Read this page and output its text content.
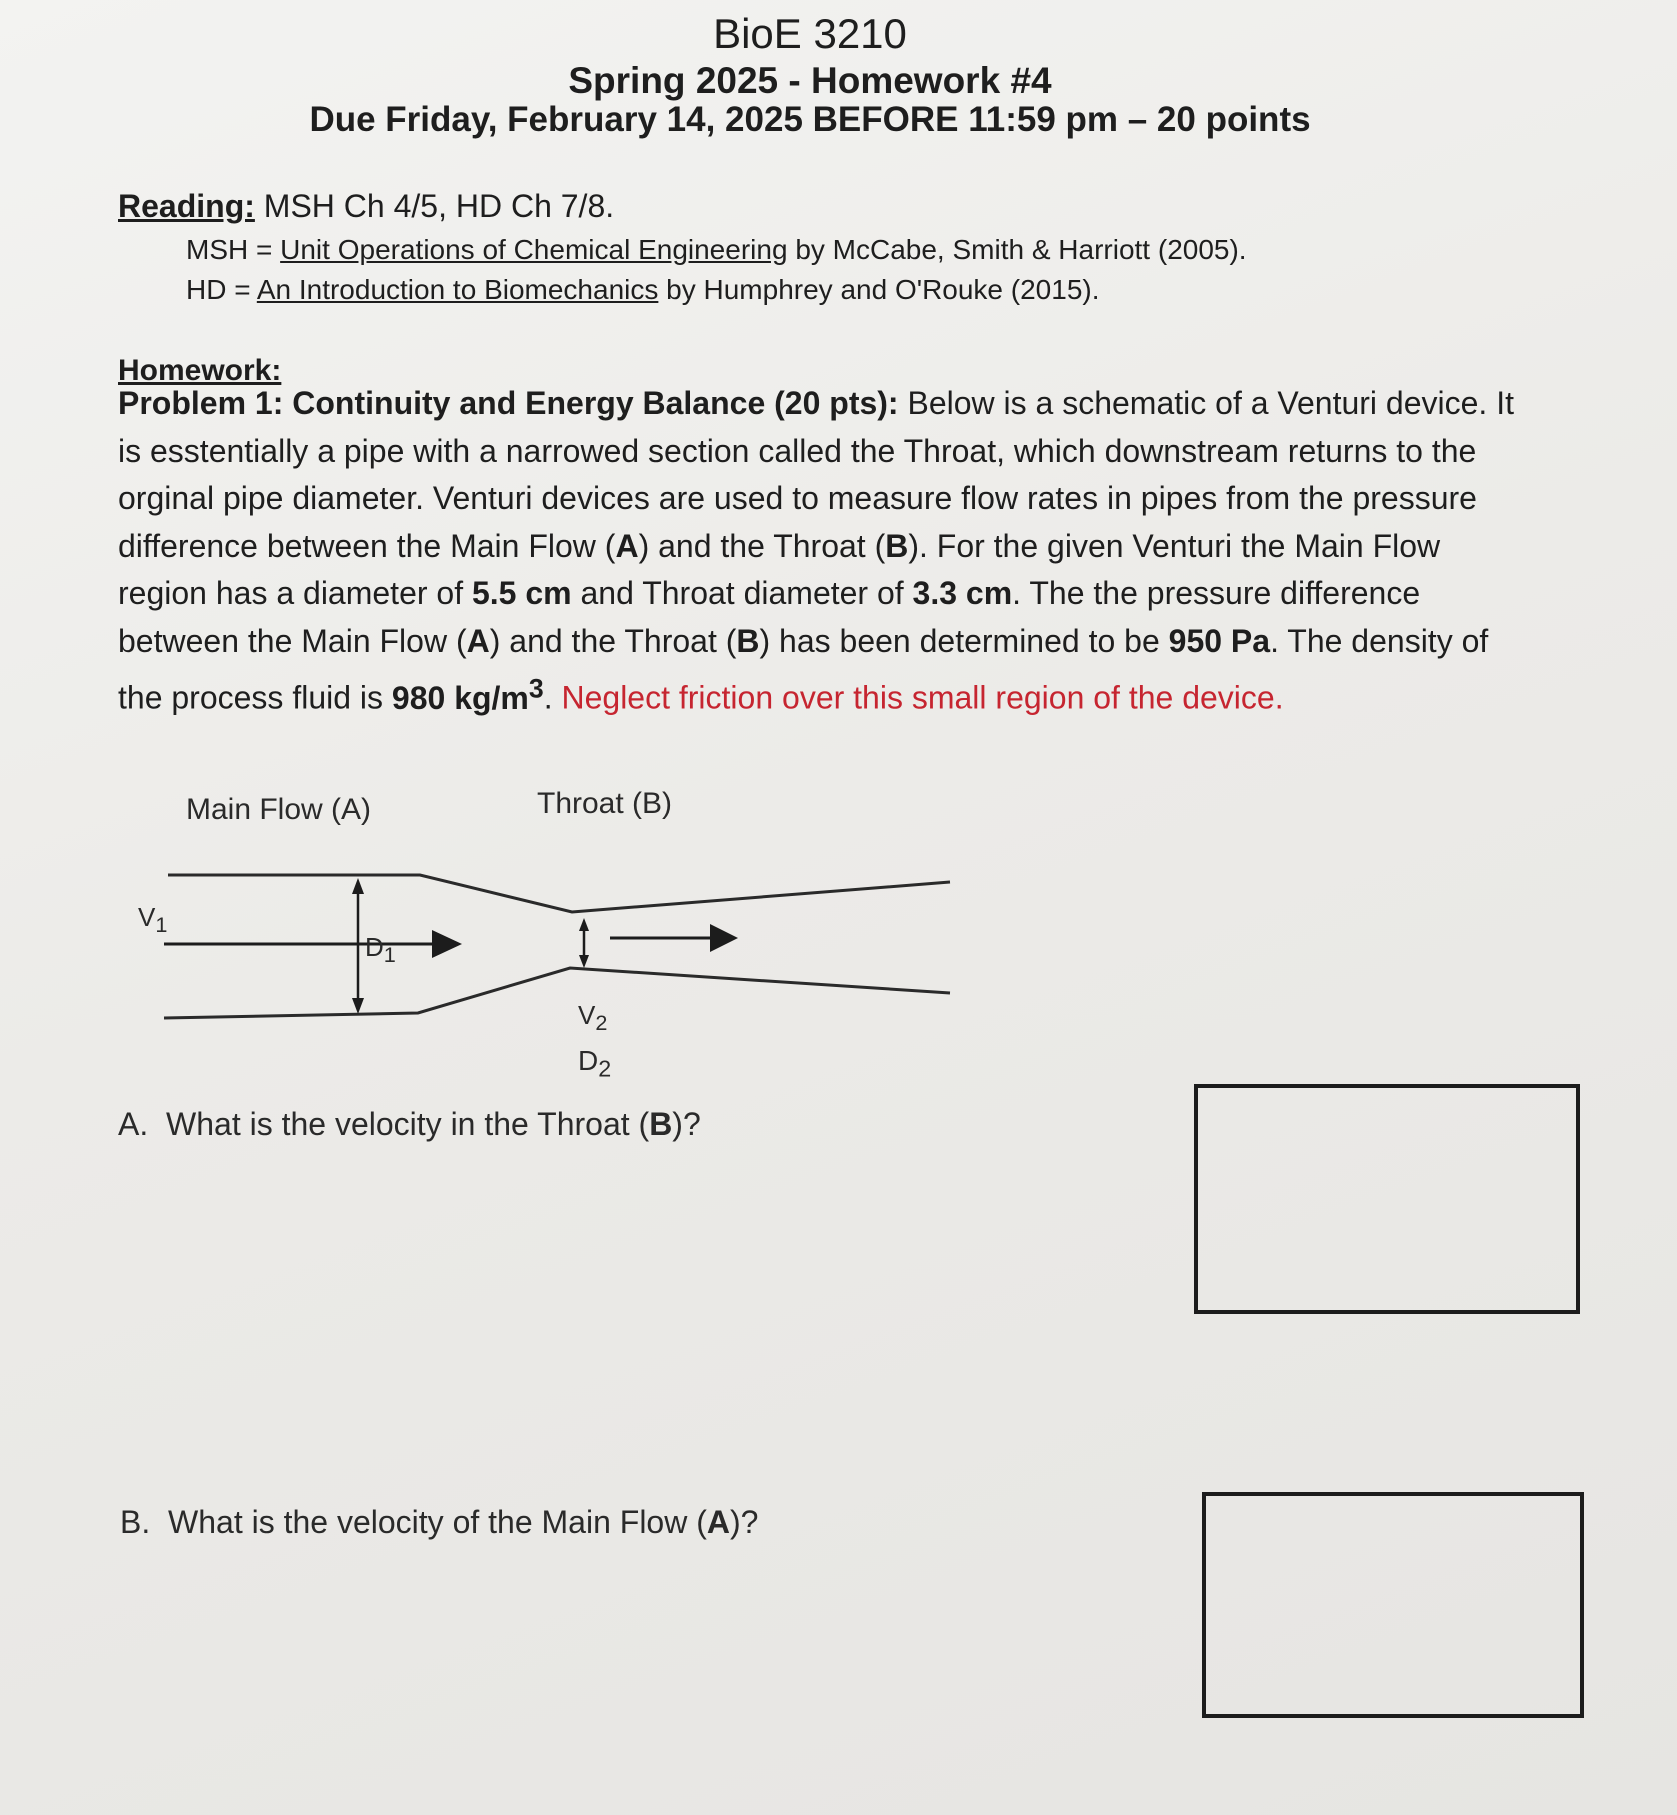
BioE 3210
Spring 2025 - Homework #4
Due Friday, February 14, 2025 BEFORE 11:59 pm – 20 points
Reading: MSH Ch 4/5, HD Ch 7/8.
MSH = Unit Operations of Chemical Engineering by McCabe, Smith & Harriott (2005).
HD = An Introduction to Biomechanics by Humphrey and O'Rouke (2015).
Homework:
Problem 1: Continuity and Energy Balance (20 pts): Below is a schematic of a Venturi device. It is esstentially a pipe with a narrowed section called the Throat, which downstream returns to the orginal pipe diameter. Venturi devices are used to measure flow rates in pipes from the pressure difference between the Main Flow (A) and the Throat (B). For the given Venturi the Main Flow region has a diameter of 5.5 cm and Throat diameter of 3.3 cm. The the pressure difference between the Main Flow (A) and the Throat (B) has been determined to be 950 Pa. The density of the process fluid is 980 $kg/m^3$. Neglect friction over this small region of the device.
Main Flow (A)	Throat (B)
$V_1$
$D_1$
$V_2$
$D_2$
A. What is the velocity in the Throat (B)?
B. What is the velocity of the Main Flow (A)?
